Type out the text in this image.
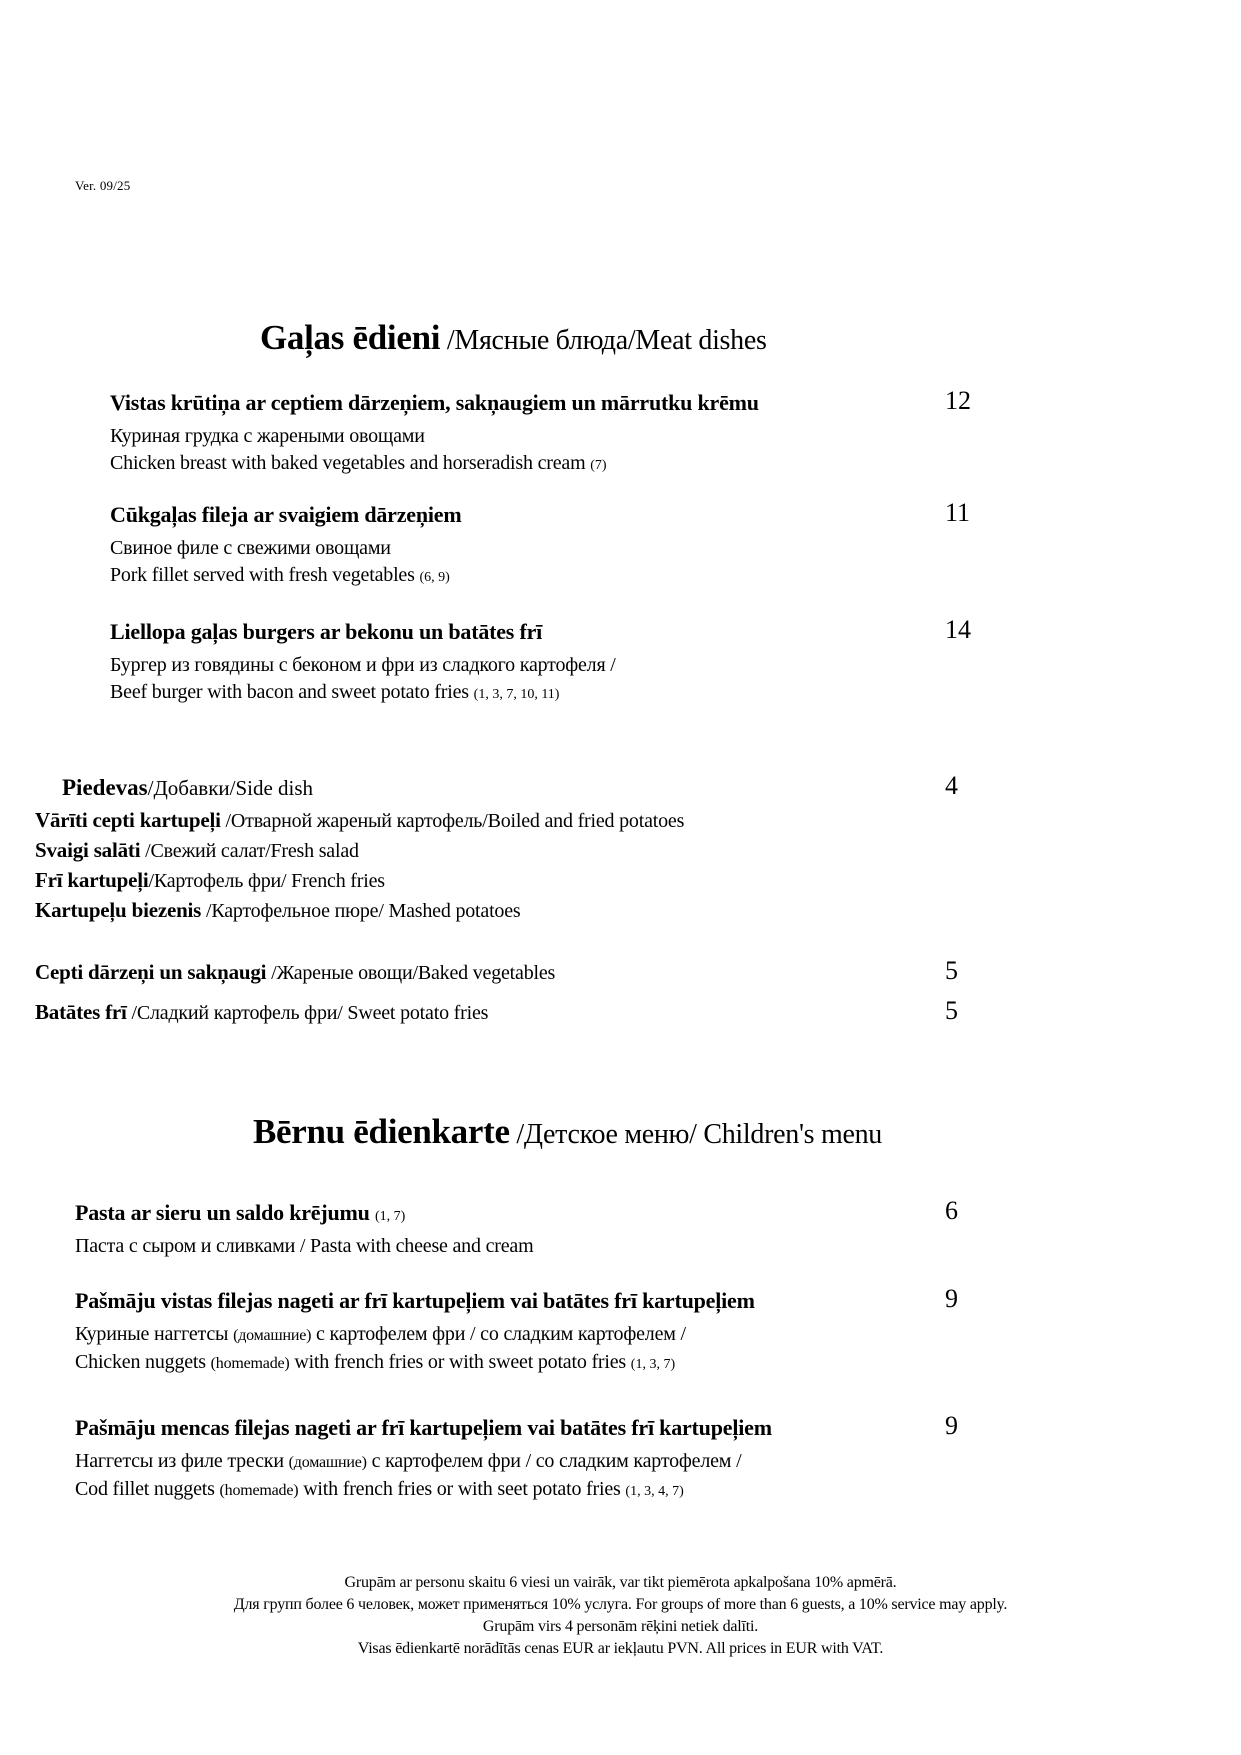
Ver. 09/25
Gaļas ēdieni /Мясные блюда/Meat dishes
Vistas krūtiņa ar ceptiem dārzeņiem, sakņaugiem un mārrutku krēmu
Куриная грудка с жареными овощами
Chicken breast with baked vegetables and horseradish cream (7)
12
Cūkgaļas fileja ar svaigiem dārzeņiem
Свиное филе с свежими овощами
Pork fillet served with fresh vegetables (6, 9)
11
Liellopa gaļas burgers ar bekonu un batātes frī
Бургер из говядины с беконом и фри из сладкого картофеля /
Beef burger with bacon and sweet potato fries (1, 3, 7, 10, 11)
14
Piedevas/Добавки/Side dish	4
Vārīti cepti kartupeļi /Отварной жареный картофель/Boiled and fried potatoes
Svaigi salāti /Свежий салат/Fresh salad
Frī kartupeļi/Картофель фри/ French fries
Kartupeļu biezenis /Картофельное пюре/ Mashed potatoes
Cepti dārzeņi un sakņaugi /Жареные овощи/Baked vegetables	5
Batātes frī /Сладкий картофель фри/ Sweet potato fries	5
Bērnu ēdienkarte /Детское меню/ Children's menu
Pasta ar sieru un saldo krējumu (1, 7)
Паста с сыром и сливками / Pasta with cheese and cream
6
Pašmāju vistas filejas nageti ar frī kartupeļiem vai batātes frī kartupeļiem
Куриные наггетсы (домашние) с картофелем фри / со сладким картофелем /
Chicken nuggets (homemade) with french fries or with sweet potato fries (1, 3, 7)
9
Pašmāju mencas filejas nageti ar frī kartupeļiem vai batātes frī kartupeļiem
Наггетсы из филе трески (домашние) с картофелем фри / со сладким картофелем /
Cod fillet nuggets (homemade) with french fries or with seet potato fries (1, 3, 4, 7)
9
Grupām ar personu skaitu 6 viesi un vairāk, var tikt piemērota apkalpošana 10% apmērā.
Для групп более 6 человек, может применяться 10% услуга. For groups of more than 6 guests, a 10% service may apply.
Grupām virs 4 personām rēķini netiek dalīti.
Visas ēdienkartē norādītās cenas EUR ar iekļautu PVN. All prices in EUR with VAT.
